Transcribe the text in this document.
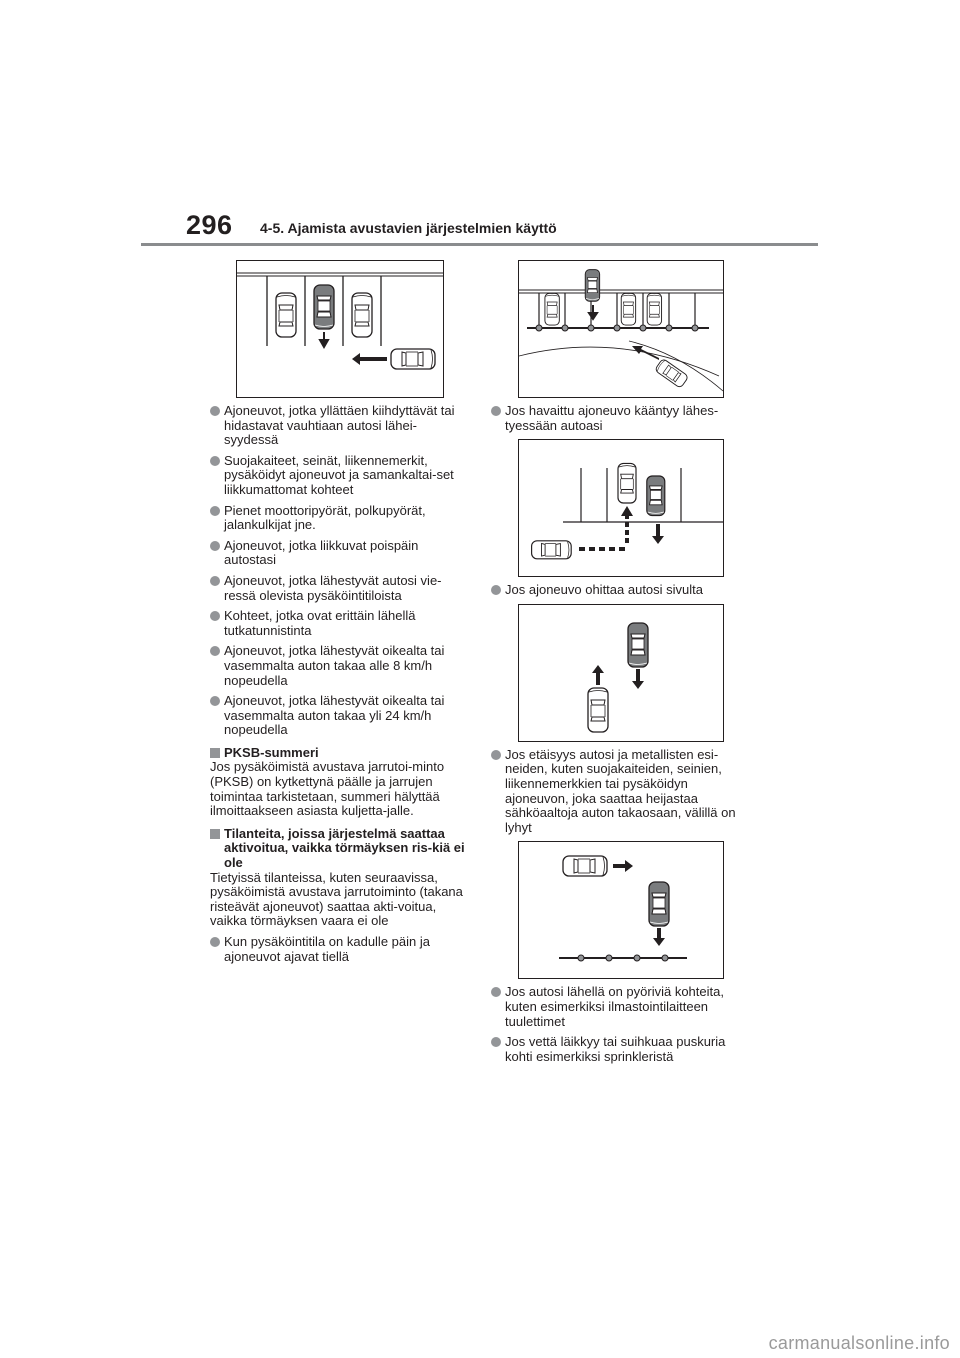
296 4-5. Ajamista avustavien järjestelmien käyttö
Ajoneuvot, jotka yllättäen kiihdyttävät tai hidastavat vauhtiaan autosi lähei-syydessä
Suojakaiteet, seinät, liikennemerkit, pysäköidyt ajoneuvot ja samankaltai-set liikkumattomat kohteet
Pienet moottoripyörät, polkupyörät, jalankulkijat jne.
Ajoneuvot, jotka liikkuvat poispäin autostasi
Ajoneuvot, jotka lähestyvät autosi vie-ressä olevista pysäköintitiloista
Kohteet, jotka ovat erittäin lähellä tutkatunnistinta
Ajoneuvot, jotka lähestyvät oikealta tai vasemmalta auton takaa alle 8 km/h nopeudella
Ajoneuvot, jotka lähestyvät oikealta tai vasemmalta auton takaa yli 24 km/h nopeudella
PKSB-summeri

Jos pysäköimistä avustava jarrutoi-minto (PKSB) on kytkettynä päälle ja jarrujen toimintaa tarkistetaan, summeri hälyttää ilmoittaakseen asiasta kuljetta-jalle.

Tilanteita, joissa järjestelmä saattaa aktivoitua, vaikka törmäyksen ris-kiä ei ole

Tietyissä tilanteissa, kuten seuraavissa, pysäköimistä avustava jarrutoiminto (takana risteävät ajoneuvot) saattaa akti-voitua, vaikka törmäyksen vaara ei ole

Kun pysäköintitila on kadulle päin ja ajoneuvot ajavat tiellä
Jos havaittu ajoneuvo kääntyy lähes-tyessään autoasi
Jos ajoneuvo ohittaa autosi sivulta
Jos etäisyys autosi ja metallisten esi-neiden, kuten suojakaiteiden, seinien, liikennemerkkien tai pysäköidyn ajoneuvon, joka saattaa heijastaa sähköaaltoja auton takaosaan, välillä on lyhyt
Jos autosi lähellä on pyöriviä kohteita, kuten esimerkiksi ilmastointilaitteen tuulettimet
Jos vettä läikkyy tai suihkuaa puskuria kohti esimerkiksi sprinkleristä
carmanualsonline.info
